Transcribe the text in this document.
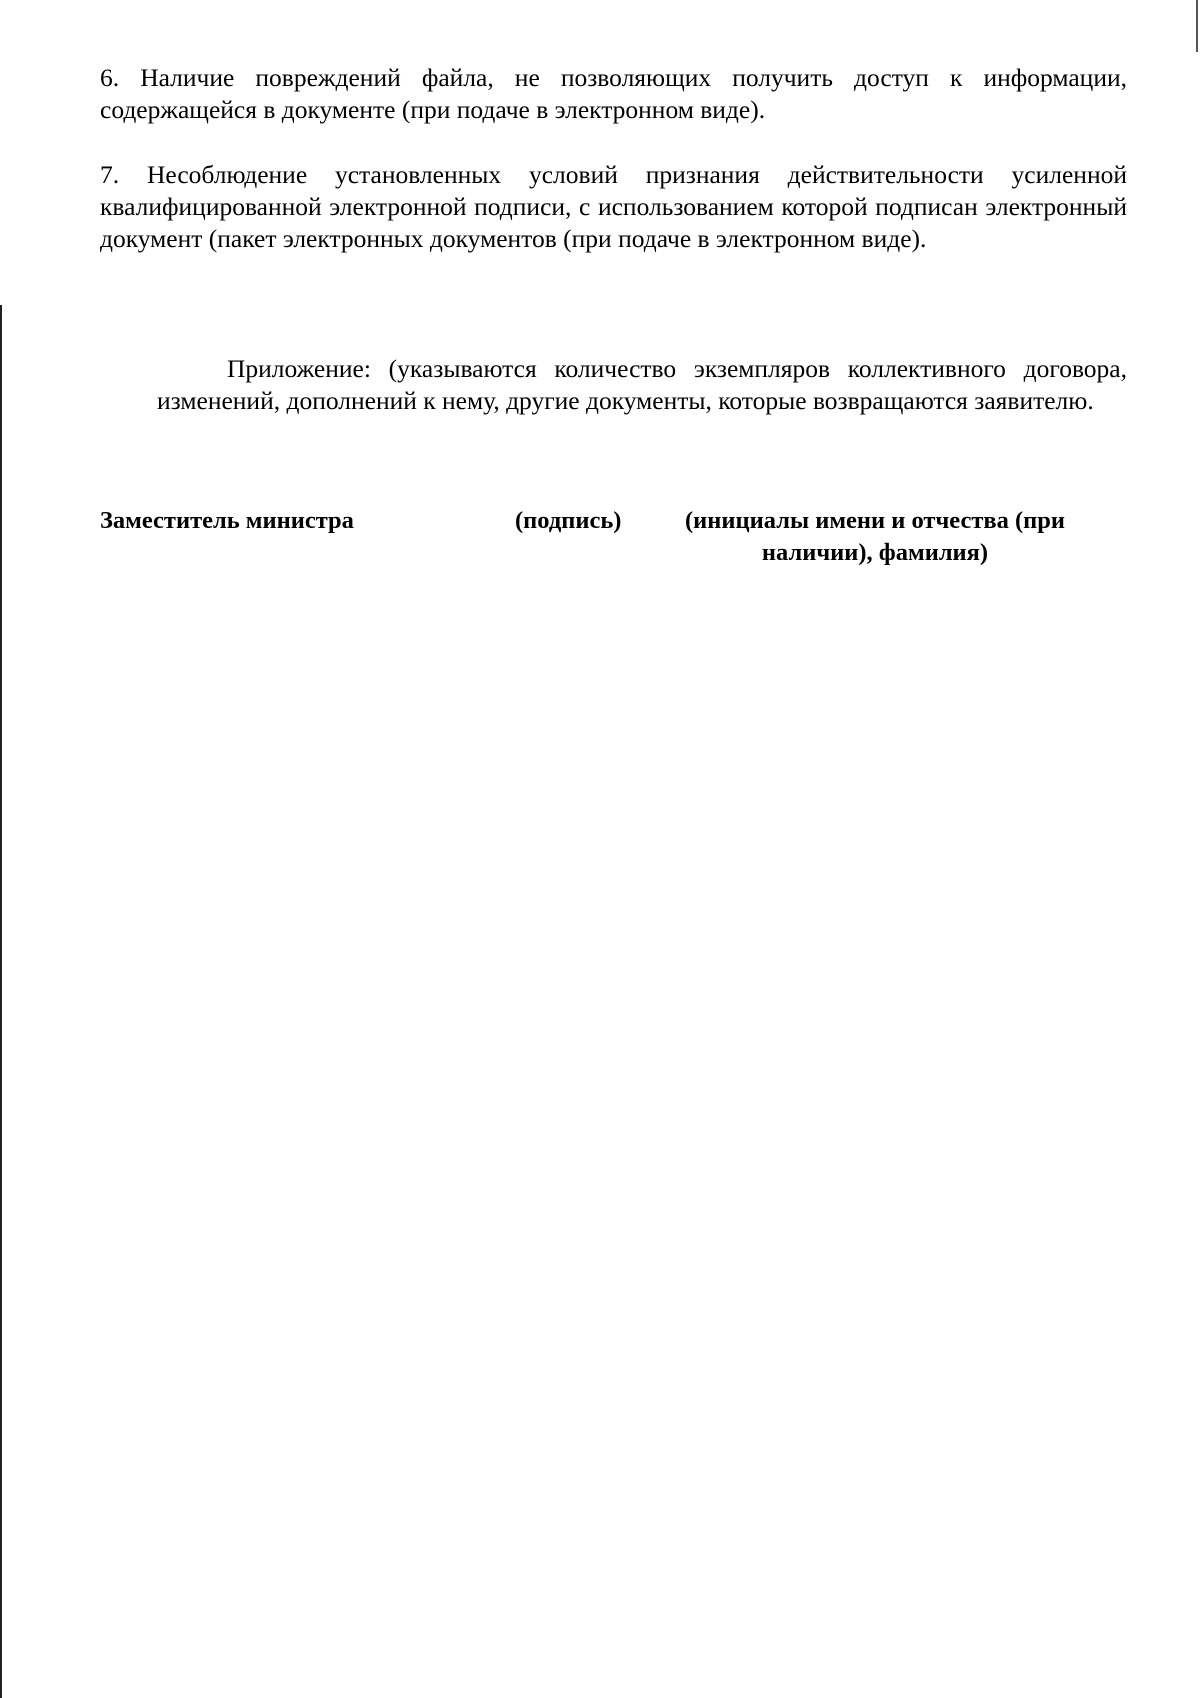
6. Наличие повреждений файла, не позволяющих получить доступ к информации, содержащейся в документе (при подаче в электронном виде).

7. Несоблюдение установленных условий признания действительности усиленной квалифицированной электронной подписи, с использованием которой подписан электронный документ (пакет электронных документов (при подаче в электронном виде).

Приложение: (указываются количество экземпляров коллективного договора, изменений, дополнений к нему, другие документы, которые возвращаются заявителю.

Заместитель министра	(подпись)	(инициалы имени и отчества (при наличии), фамилия)
